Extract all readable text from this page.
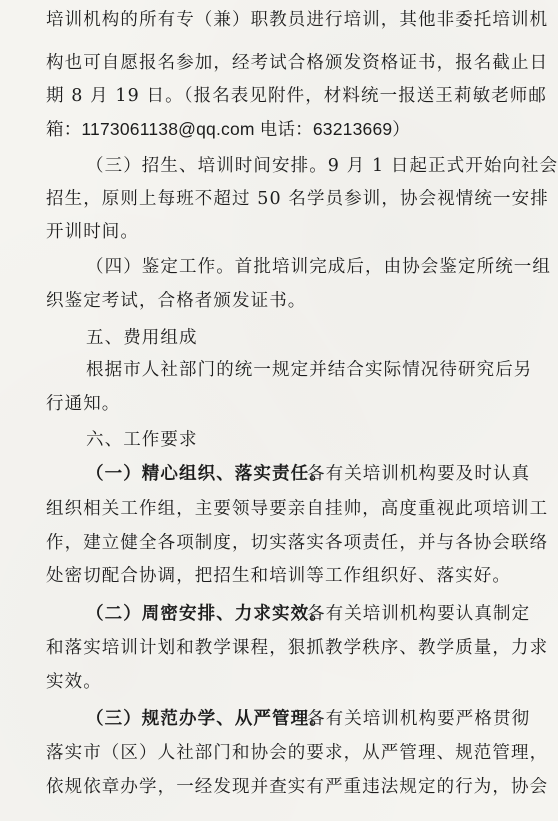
培训机构的所有专（兼）职教员进行培训，其他非委托培训机
构也可自愿报名参加，经考试合格颁发资格证书，报名截止日
期 8 月 19 日。（报名表见附件，材料统一报送王莉敏老师邮
箱：1173061138@qq.com 电话：63213669）
（三）招生、培训时间安排。9 月 1 日起正式开始向社会
招生，原则上每班不超过 50 名学员参训，协会视情统一安排
开训时间。
（四）鉴定工作。首批培训完成后，由协会鉴定所统一组
织鉴定考试，合格者颁发证书。
五、费用组成
根据市人社部门的统一规定并结合实际情况待研究后另
行通知。
六、工作要求
（一）精心组织、落实责任。
各有关培训机构要及时认真
组织相关工作组，主要领导要亲自挂帅，高度重视此项培训工
作，建立健全各项制度，切实落实各项责任，并与各协会联络
处密切配合协调，把招生和培训等工作组织好、落实好。
（二）周密安排、力求实效。
各有关培训机构要认真制定
和落实培训计划和教学课程，狠抓教学秩序、教学质量，力求
实效。
（三）规范办学、从严管理。
各有关培训机构要严格贯彻
落实市（区）人社部门和协会的要求，从严管理、规范管理，
依规依章办学，一经发现并查实有严重违法规定的行为，协会
